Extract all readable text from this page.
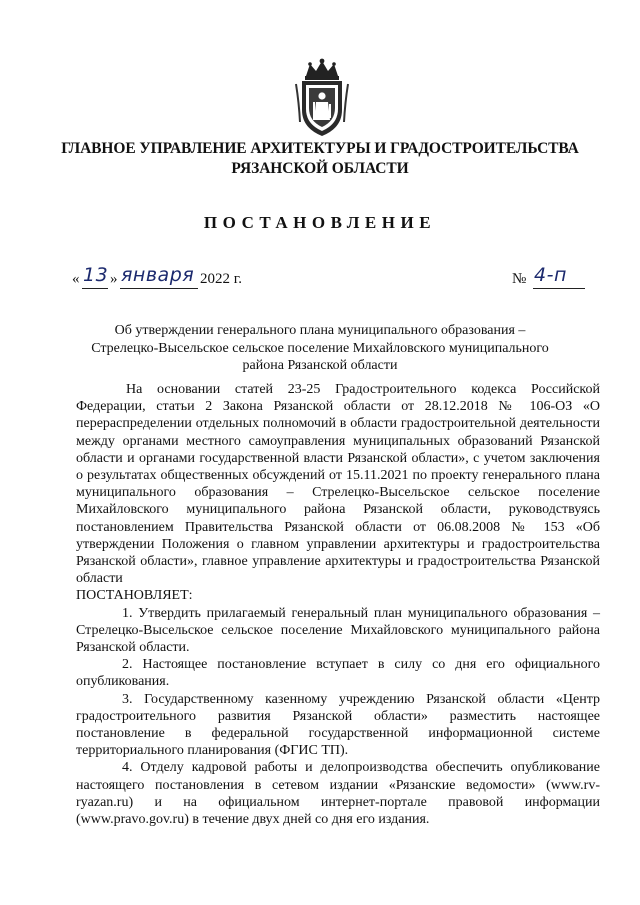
ГЛАВНОЕ УПРАВЛЕНИЕ АРХИТЕКТУРЫ И ГРАДОСТРОИТЕЛЬСТВА
РЯЗАНСКОЙ ОБЛАСТИ
ПОСТАНОВЛЕНИЕ
« 13 » января 2022 г.	№ 4-п
Об утверждении генерального плана муниципального образования –
Стрелецко-Высельское сельское поселение Михайловского муниципального
района Рязанской области

На основании статей 23-25 Градостроительного кодекса Российской Федерации, статьи 2 Закона Рязанской области от 28.12.2018 № 106-ОЗ «О перераспределении отдельных полномочий в области градостроительной деятельности между органами местного самоуправления муниципальных образований Рязанской области и органами государственной власти Рязанской области», с учетом заключения о результатах общественных обсуждений от 15.11.2021 по проекту генерального плана муниципального образования – Стрелецко-Высельское сельское поселение Михайловского муниципального района Рязанской области, руководствуясь постановлением Правительства Рязанской области от 06.08.2008 № 153 «Об утверждении Положения о главном управлении архитектуры и градостроительства Рязанской области», главное управление архитектуры и градостроительства Рязанской области

ПОСТАНОВЛЯЕТ:

1. Утвердить прилагаемый генеральный план муниципального образования – Стрелецко-Высельское сельское поселение Михайловского муниципального района Рязанской области.

2. Настоящее постановление вступает в силу со дня его официального опубликования.

3. Государственному казенному учреждению Рязанской области «Центр градостроительного развития Рязанской области» разместить настоящее постановление в федеральной государственной информационной системе территориального планирования (ФГИС ТП).

4. Отделу кадровой работы и делопроизводства обеспечить опубликование настоящего постановления в сетевом издании «Рязанские ведомости» (www.rv-ryazan.ru) и на официальном интернет-портале правовой информации (www.pravo.gov.ru) в течение двух дней со дня его издания.
